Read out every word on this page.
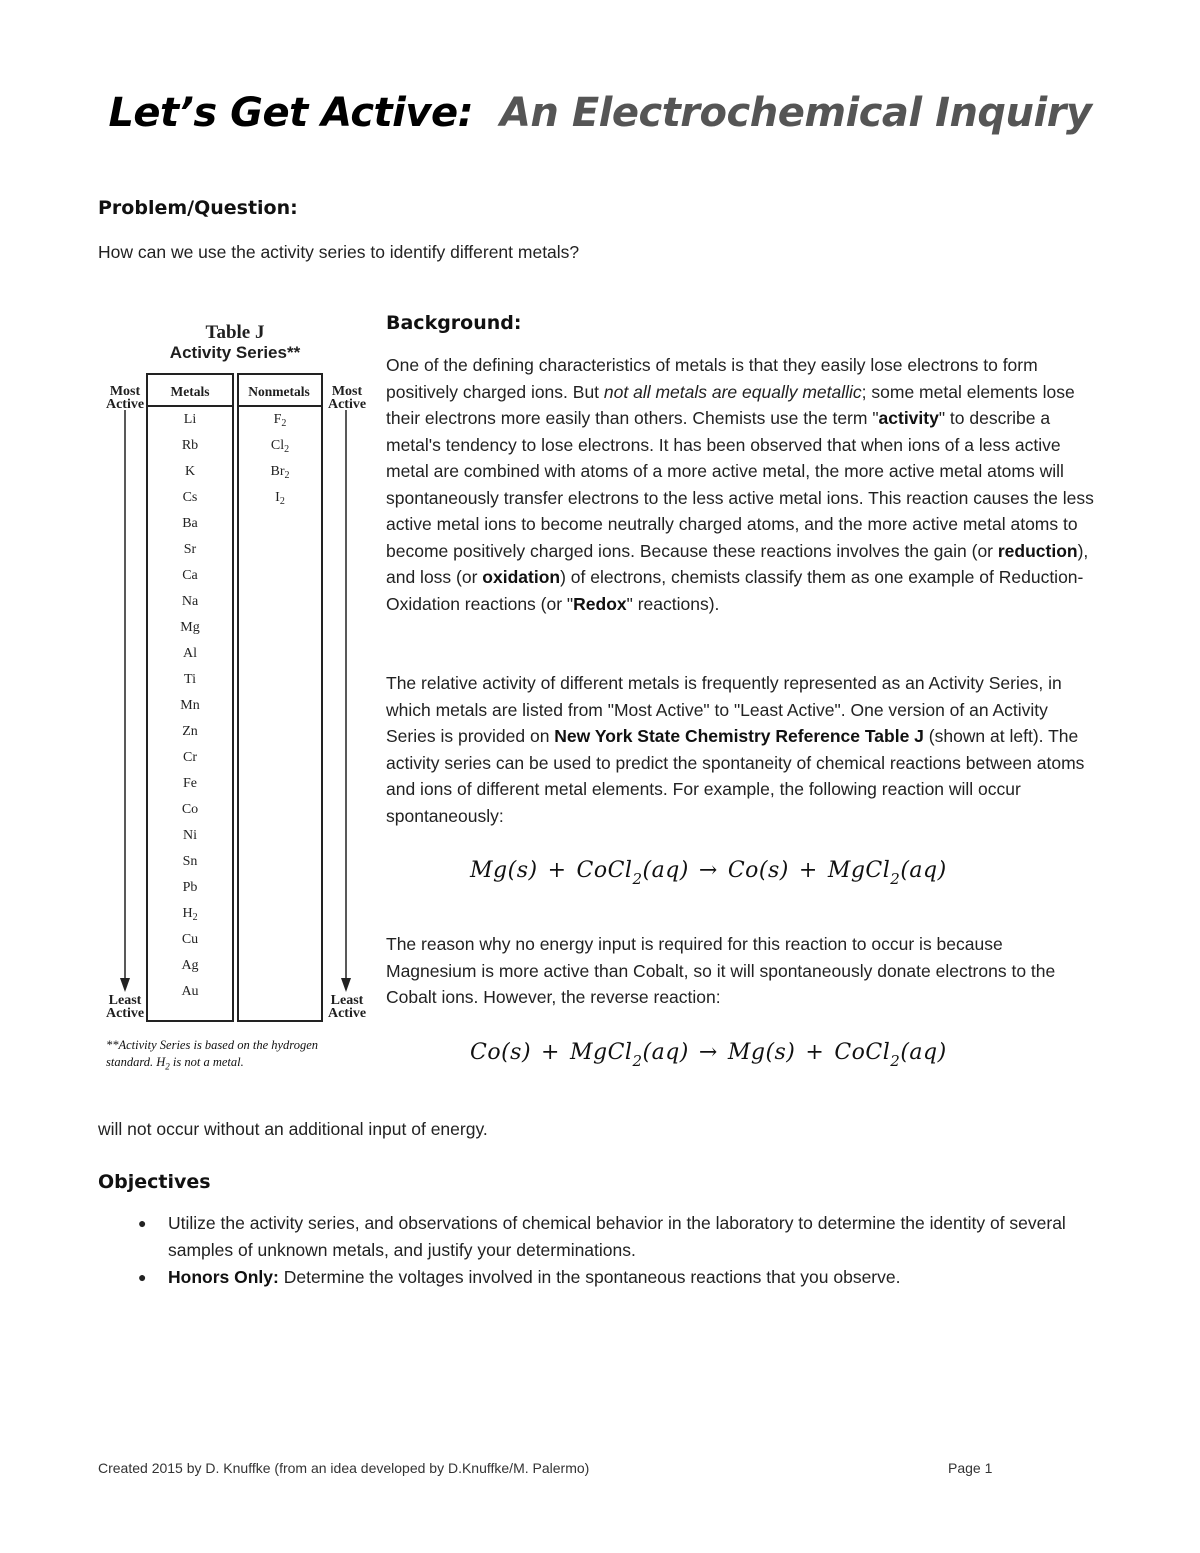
Let’s Get Active: An Electrochemical Inquiry
Problem/Question:
How can we use the activity series to identify different metals?
Table J
Activity Series**
Metals	Nonmetals
Most
Active
Most
Active
Least
Active
Least
Active
Li
Rb
K
Cs
Ba
Sr
Ca
Na
Mg
Al
Ti
Mn
Zn
Cr
Fe
Co
Ni
Sn
Pb
$H_2$
Cu
Ag
Au
$F_2$
$Cl_2$
$Br_2$
$I_2$
**Activity Series is based on the hydrogen
standard. $H_2$ is not a metal.
Background:
One of the defining characteristics of metals is that they easily lose electrons to form positively charged ions. But not all metals are equally metallic; some metal elements lose their electrons more easily than others. Chemists use the term "activity" to describe a metal's tendency to lose electrons. It has been observed that when ions of a less active metal are combined with atoms of a more active metal, the more active metal atoms will spontaneously transfer electrons to the less active metal ions. This reaction causes the less active metal ions to become neutrally charged atoms, and the more active metal atoms to become positively charged ions. Because these reactions involves the gain (or reduction), and loss (or oxidation) of electrons, chemists classify them as one example of Reduction-Oxidation reactions (or "Redox" reactions).
The relative activity of different metals is frequently represented as an Activity Series, in which metals are listed from "Most Active" to "Least Active". One version of an Activity Series is provided on New York State Chemistry Reference Table J (shown at left). The activity series can be used to predict the spontaneity of chemical reactions between atoms and ions of different metal elements. For example, the following reaction will occur spontaneously:
Mg(s) + CoCl$_2$(aq) → Co(s) + MgCl$_2$(aq)
The reason why no energy input is required for this reaction to occur is because Magnesium is more active than Cobalt, so it will spontaneously donate electrons to the Cobalt ions. However, the reverse reaction:
Co(s) + MgCl$_2$(aq) → Mg(s) + CoCl$_2$(aq)
will not occur without an additional input of energy.
Objectives
● Utilize the activity series, and observations of chemical behavior in the laboratory to determine the identity of several samples of unknown metals, and justify your determinations.
● Honors Only: Determine the voltages involved in the spontaneous reactions that you observe.
Created 2015 by D. Knuffke (from an idea developed by D.Knuffke/M. Palermo)	Page 1
